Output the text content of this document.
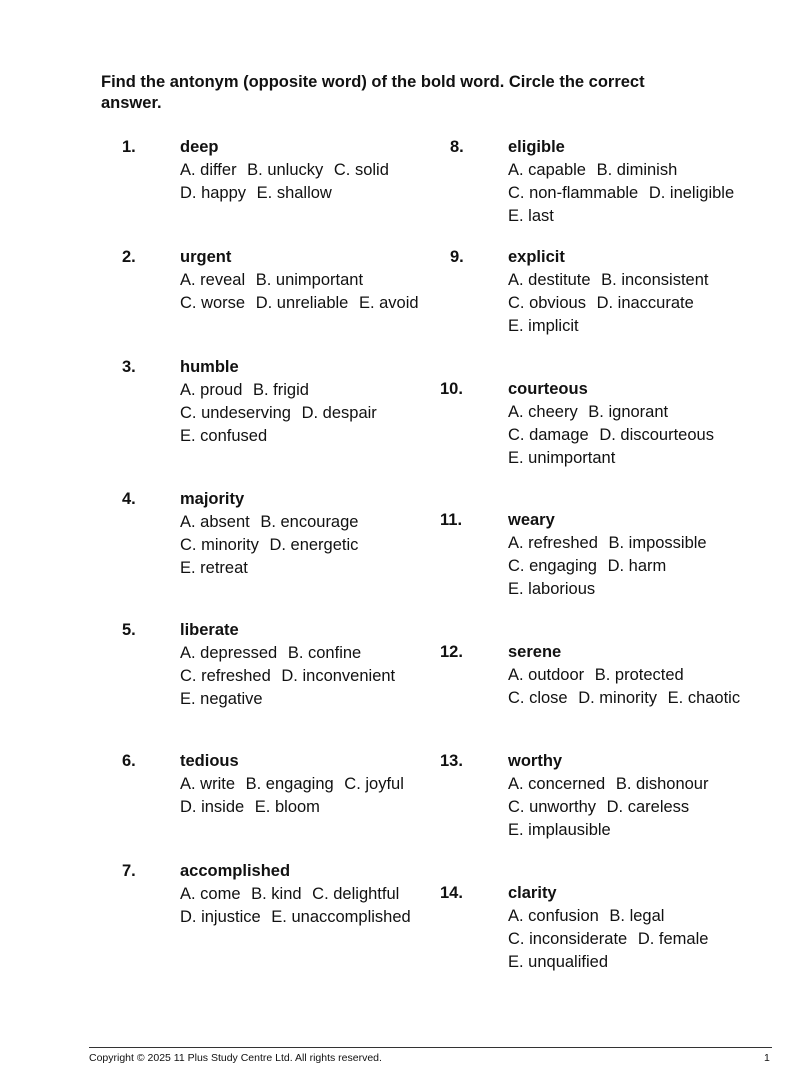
Find the antonym (opposite word) of the bold word. Circle the correct answer.

1.	deep
A. differ B. unlucky C. solid D. happy E. shallow
2.	urgent
A. reveal B. unimportant C. worse D. unreliable E. avoid
3.	humble
A. proud B. frigid C. undeserving D. despair E. confused
4.	majority
A. absent B. encourage C. minority D. energetic E. retreat
5.	liberate
A. depressed B. confine C. refreshed D. inconvenient E. negative
6.	tedious
A. write B. engaging C. joyful D. inside E. bloom
7.	accomplished
A. come B. kind C. delightful D. injustice E. unaccomplished
8.	eligible
A. capable B. diminish C. non-flammable D. ineligible E. last
9.	explicit
A. destitute B. inconsistent C. obvious D. inaccurate E. implicit
10.	courteous
A. cheery B. ignorant C. damage D. discourteous E. unimportant
11.	weary
A. refreshed B. impossible C. engaging D. harm E. laborious
12.	serene
A. outdoor B. protected C. close D. minority E. chaotic
13.	worthy
A. concerned B. dishonour C. unworthy D. careless E. implausible
14.	clarity
A. confusion B. legal C. inconsiderate D. female E. unqualified
Copyright © 2025 11 Plus Study Centre Ltd. All rights reserved.	1
